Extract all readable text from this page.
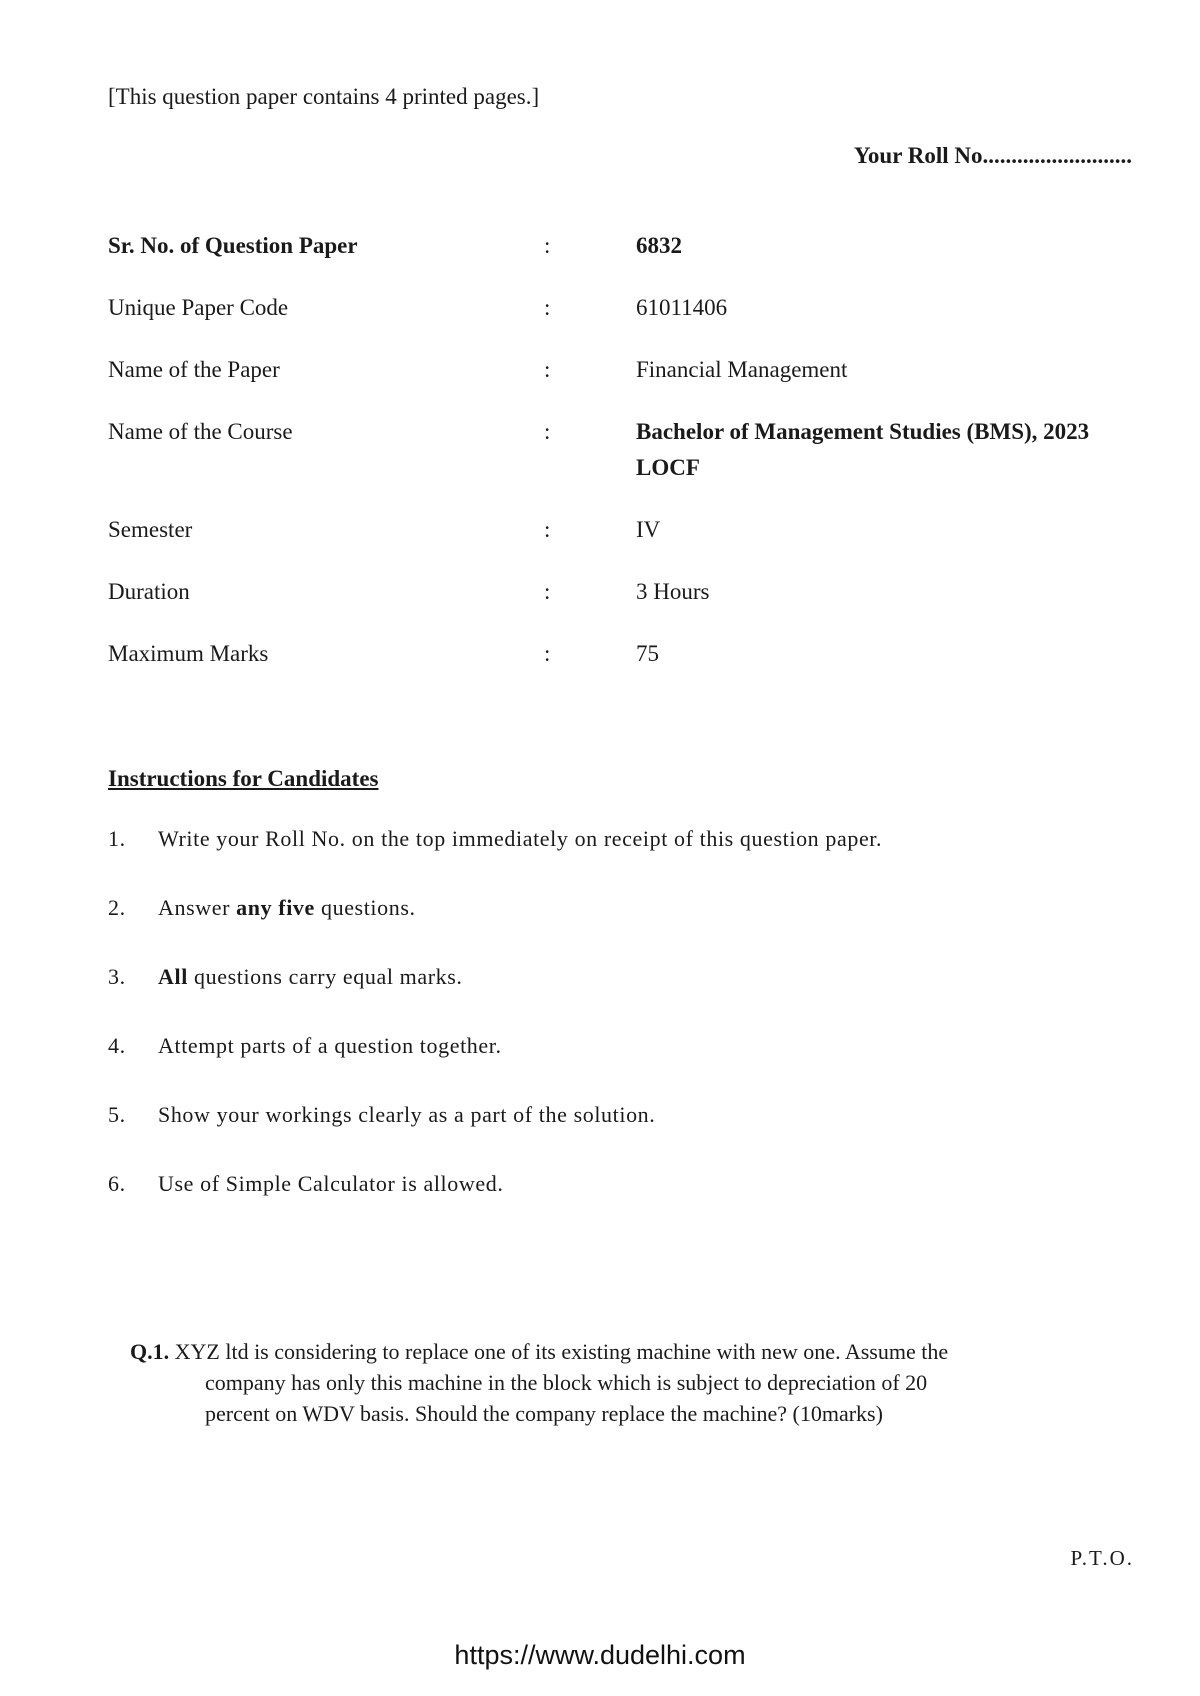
[This question paper contains 4 printed pages.]
Your Roll No..........................
Sr. No. of Question Paper	:	6832
Unique Paper Code	:	61011406
Name of the Paper	:	Financial Management
Name of the Course	:	Bachelor of Management Studies (BMS), 2023 LOCF
Semester	:	IV
Duration	:	3 Hours
Maximum Marks	:	75
Instructions for Candidates
1.	Write your Roll No. on the top immediately on receipt of this question paper.
2.	Answer any five questions.
3.	All questions carry equal marks.
4.	Attempt parts of a question together.
5.	Show your workings clearly as a part of the solution.
6.	Use of Simple Calculator is allowed.
Q.1. XYZ ltd is considering to replace one of its existing machine with new one. Assume the
company has only this machine in the block which is subject to depreciation of 20
percent on WDV basis. Should the company replace the machine? (10marks)
P.T.O.
https://www.dudelhi.com
